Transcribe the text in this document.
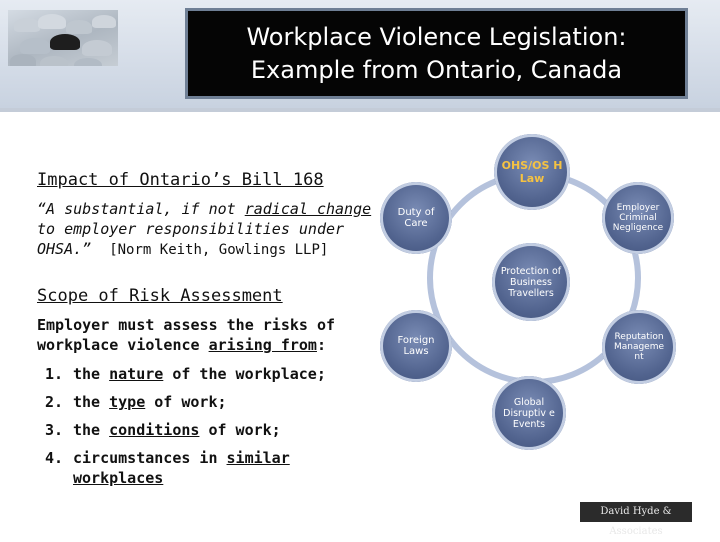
Workplace Violence Legislation:
Example from Ontario, Canada
Impact of Ontario’s Bill 168
“A substantial, if not radical change to employer responsibilities under OHSA.” [Norm Keith, Gowlings LLP]
Scope of Risk Assessment
Employer must assess the risks of workplace violence arising from:
1. the nature of the workplace;
2. the type of work;
3. the conditions of work;
4. circumstances in similar workplaces
OHS/OS H Law
Employer Criminal Negligence
Duty of Care
Protection of Business Travellers
Foreign Laws
Reputation Manageme nt
Global Disruptiv e Events
David Hyde & Associates
